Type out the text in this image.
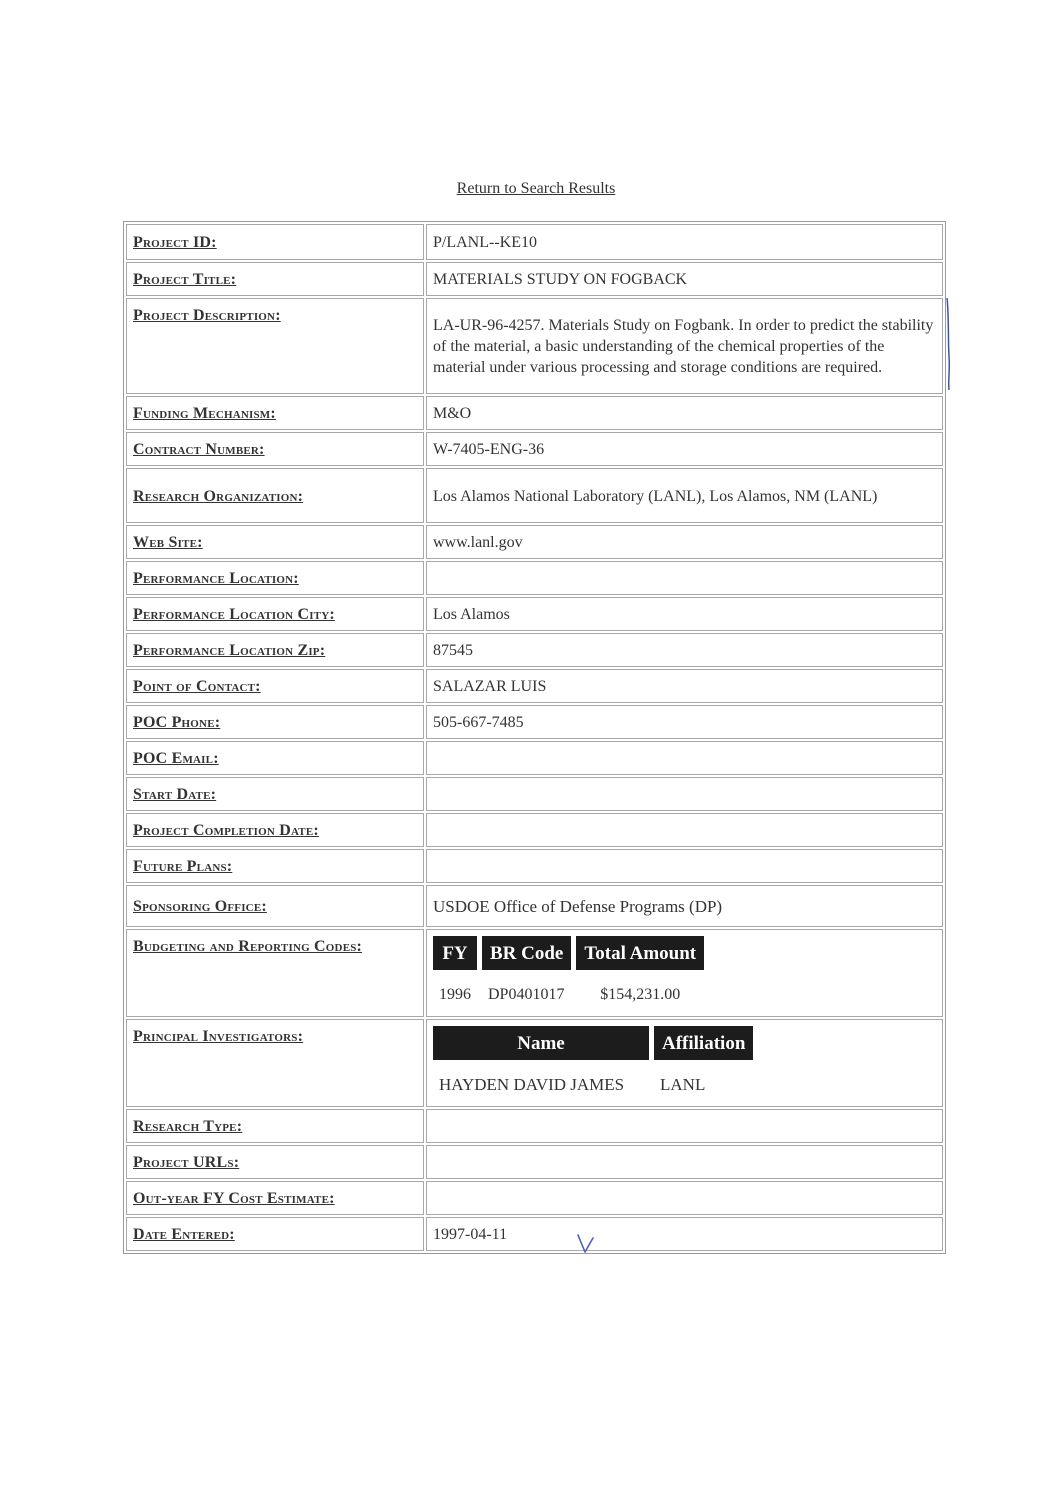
Return to Search Results
Project ID:	P/LANL--KE10
Project Title:	MATERIALS STUDY ON FOGBACK
Project Description:	LA-UR-96-4257. Materials Study on Fogbank. In order to predict the stability of the material, a basic understanding of the chemical properties of the material under various processing and storage conditions are required.
Funding Mechanism:	M&O
Contract Number:	W-7405-ENG-36
Research Organization:	Los Alamos National Laboratory (LANL), Los Alamos, NM (LANL)
Web Site:	www.lanl.gov
Performance Location:	
Performance Location City:	Los Alamos
Performance Location Zip:	87545
Point of Contact:	SALAZAR LUIS
POC Phone:	505-667-7485
POC Email:	
Start Date:	
Project Completion Date:	
Future Plans:	
Sponsoring Office:	USDOE Office of Defense Programs (DP)
Budgeting and Reporting Codes:		FY	BR Code	Total Amount
1996	DP0401017	$154,231.00

Principal Investigators:		Name	Affiliation
HAYDEN DAVID JAMES	LANL

Research Type:	
Project URLs:	
Out-year FY Cost Estimate:	
Date Entered:	1997-04-11
